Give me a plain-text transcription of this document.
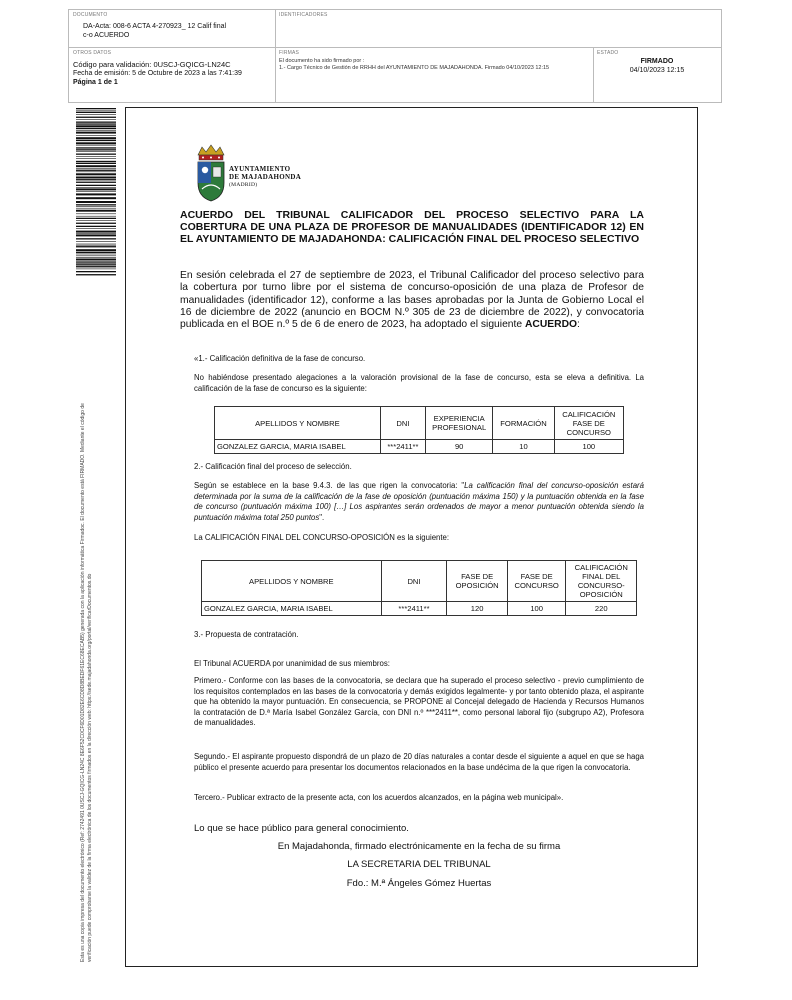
DOCUMENTO
DA-Acta: 008-6 ACTA 4-270923_ 12 Calif final
c-o ACUERDO
IDENTIFICADORES
OTROS DATOS
Código para validación: 0USCJ-GQICG-LN24C
Fecha de emisión: 5 de Octubre de 2023 a las 7:41:39
Página 1 de 1
FIRMAS
El documento ha sido firmado por :
1.- Cargo Técnico de Gestión de RRHH del AYUNTAMIENTO DE MAJADAHONDA. Firmado 04/10/2023 12:15
ESTADO
FIRMADO
04/10/2023 12:15
Esta es una copia impresa del documento electrónico (Ref: 2742491 0USCJ-GQICG-LN24C 8E6F52C0CF6D01D82E6CD8D8BEDF61EC68ECAB5) generada con la aplicación informática Firmadoc. El documento está FIRMADO. Mediante el código de verificación puede comprobarse la validez de la firma electrónica de los documentos firmados en la dirección web: https://sede.majadahonda.org/portal/verificarDocumentos.do
AYUNTAMIENTO
DE MAJADAHONDA
(MADRID)
ACUERDO DEL TRIBUNAL CALIFICADOR DEL PROCESO SELECTIVO PARA LA COBERTURA DE UNA PLAZA DE PROFESOR DE MANUALIDADES (IDENTIFICADOR 12) EN EL AYUNTAMIENTO DE MAJADAHONDA: CALIFICACIÓN FINAL DEL PROCESO SELECTIVO
En sesión celebrada el 27 de septiembre de 2023, el Tribunal Calificador del proceso selectivo para la cobertura por turno libre por el sistema de concurso-oposición de una plaza de Profesor de manualidades (identificador 12), conforme a las bases aprobadas por la Junta de Gobierno Local el 16 de diciembre de 2022 (anuncio en BOCM N.º 305 de 23 de diciembre de 2022), y convocatoria publicada en el BOE n.º 5 de 6 de enero de 2023, ha adoptado el siguiente ACUERDO:
«1.- Calificación definitiva de la fase de concurso.
No habiéndose presentado alegaciones a la valoración provisional de la fase de concurso, esta se eleva a definitiva. La calificación de la fase de concurso es la siguiente:
APELLIDOS Y NOMBRE	DNI	EXPERIENCIA PROFESIONAL	FORMACIÓN	CALIFICACIÓN FASE DE CONCURSO
GONZALEZ GARCIA, MARIA ISABEL	***2411**	90	10	100
2.- Calificación final del proceso de selección.
Según se establece en la base 9.4.3. de las que rigen la convocatoria: "La calificación final del concurso-oposición estará determinada por la suma de la calificación de la fase de oposición (puntuación máxima 150) y la puntuación obtenida en la fase de concurso (puntuación máxima 100) […] Los aspirantes serán ordenados de mayor a menor puntuación obtenida siendo la puntuación máxima total 250 puntos".
La CALIFICACIÓN FINAL DEL CONCURSO-OPOSICIÓN es la siguiente:
APELLIDOS Y NOMBRE	DNI	FASE DE OPOSICIÓN	FASE DE CONCURSO	CALIFICACIÓN FINAL DEL CONCURSO-OPOSICIÓN
GONZALEZ GARCIA, MARIA ISABEL	***2411**	120	100	220
3.- Propuesta de contratación.
El Tribunal ACUERDA por unanimidad de sus miembros:
Primero.- Conforme con las bases de la convocatoria, se declara que ha superado el proceso selectivo - previo cumplimiento de los requisitos contemplados en las bases de la convocatoria y demás exigidos legalmente- y por tanto obtenido plaza, el aspirante que ha obtenido la mayor puntuación. En consecuencia, se PROPONE al Concejal delegado de Hacienda y Recursos Humanos la contratación de D.ª María Isabel González García, con DNI n.º ***2411**, como personal laboral fijo (subgrupo A2), Profesora de manualidades.
Segundo.- El aspirante propuesto dispondrá de un plazo de 20 días naturales a contar desde el siguiente a aquel en que se haga público el presente acuerdo para presentar los documentos relacionados en la base undécima de la que rigen la convocatoria.
Tercero.- Publicar extracto de la presente acta, con los acuerdos alcanzados, en la página web municipal».
Lo que se hace público para general conocimiento.
En Majadahonda, firmado electrónicamente en la fecha de su firma
LA SECRETARIA DEL TRIBUNAL
Fdo.: M.ª Ángeles Gómez Huertas
